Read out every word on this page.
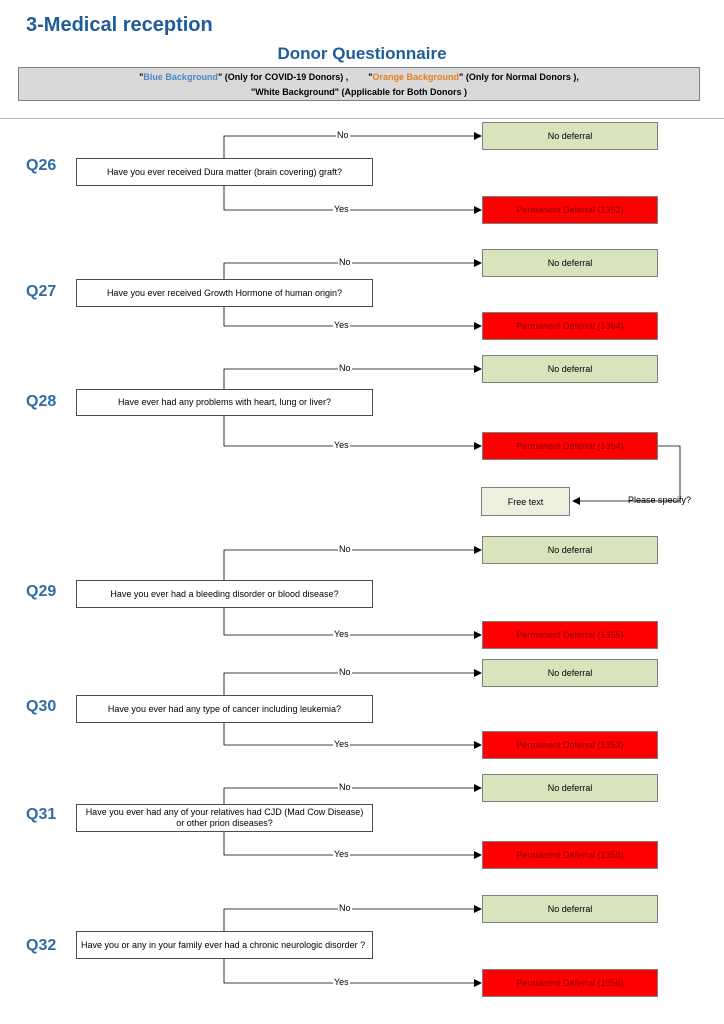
3-Medical reception
Donor Questionnaire
"Blue Background" (Only for COVID-19 Donors) , "Orange Background" (Only for Normal Donors ),
"White Background" (Applicable for Both Donors )
Q26	Have you ever received Dura matter (brain covering) graft?
No deferral
Permanent Deferral (1352)
No
Yes
Q27	Have you ever received Growth Hormone of human origin?
No deferral
Permanent Deferral (1364)
No
Yes
Q28	Have ever had any problems with heart, lung or liver?
No deferral
Permanent Deferral (1354)
No
Yes
Free text	Please specify?
Q29	Have you ever had a bleeding disorder or blood disease?
No deferral
Permanent Deferral (1355)
No
Yes
Q30	Have you ever had any type of cancer including leukemia?
No deferral
Permanent Deferral (1353)
No
Yes
Q31	Have you ever had any of your relatives had CJD (Mad Cow Disease) or other prion diseases?
No deferral
Permanent Deferral (1358)
No
Yes
Q32	Have you or any in your family ever had a chronic neurologic disorder ?
No deferral
Permanent Deferral (1056)
No
Yes
